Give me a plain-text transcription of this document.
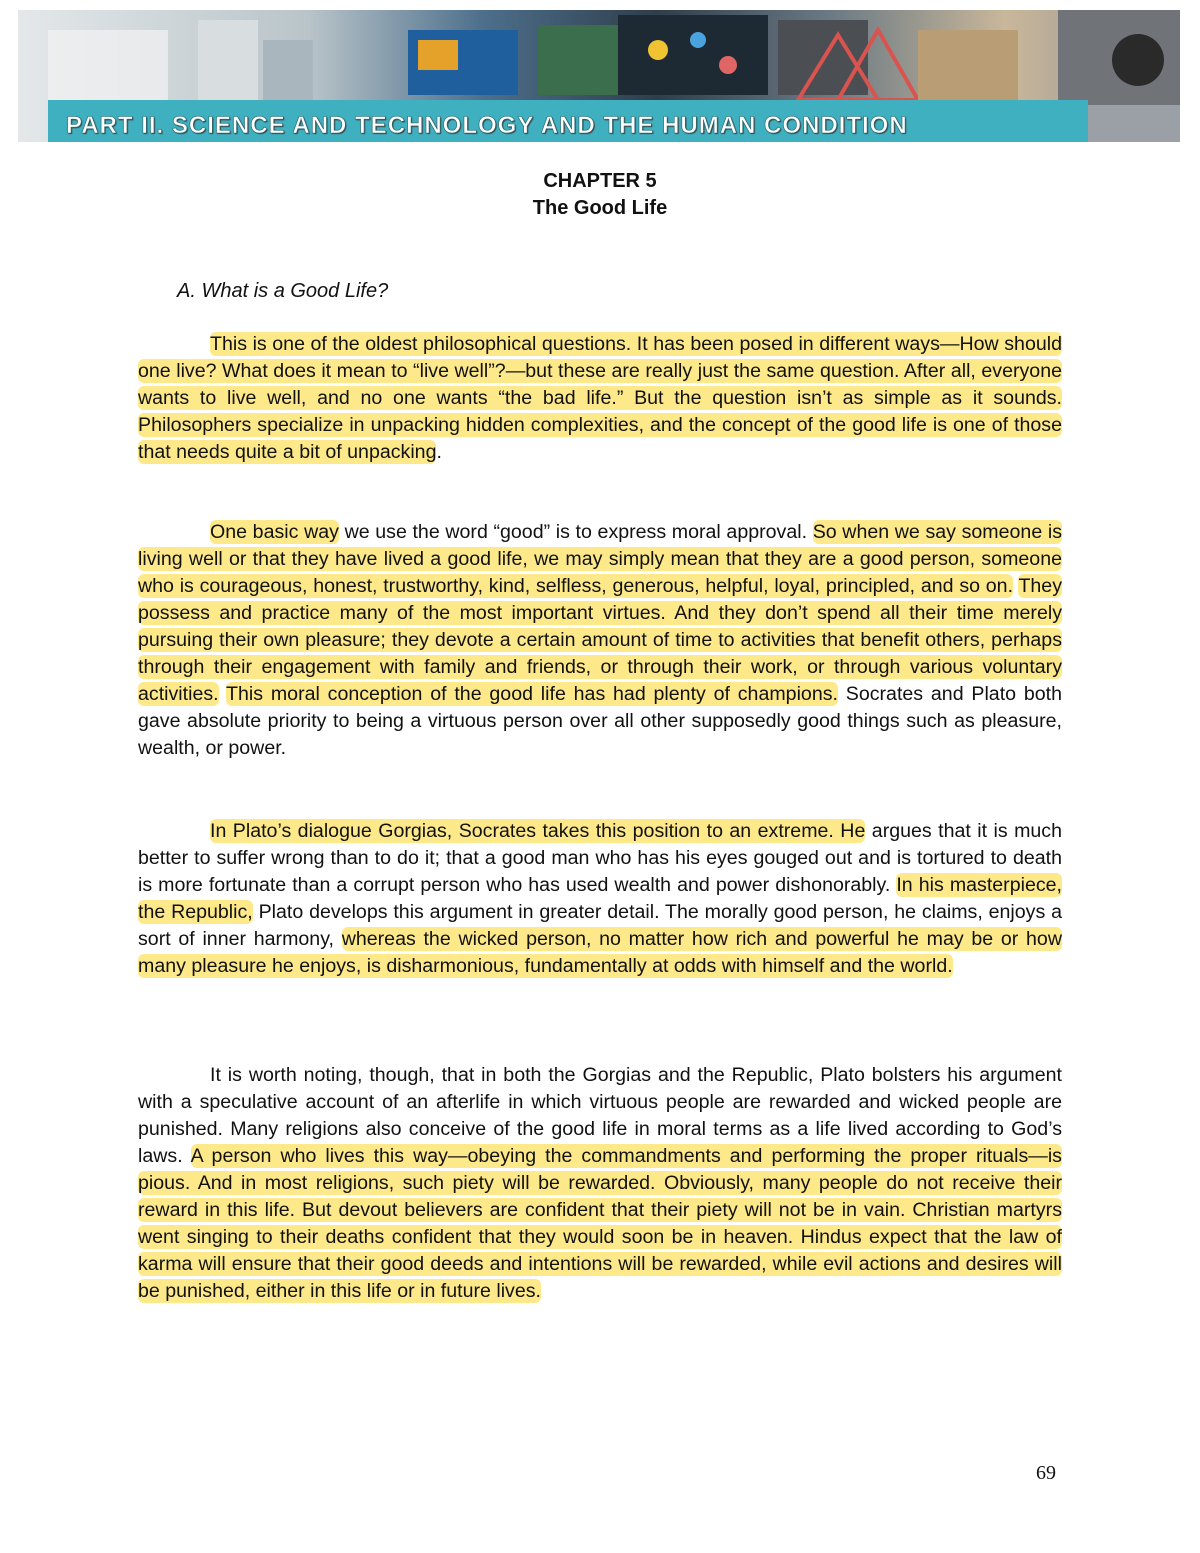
PART II. SCIENCE AND TECHNOLOGY AND THE HUMAN CONDITION
CHAPTER 5
The Good Life
A. What is a Good Life?

This is one of the oldest philosophical questions. It has been posed in different ways—How should one live? What does it mean to “live well”?—but these are really just the same question. After all, everyone wants to live well, and no one wants “the bad life.” But the question isn’t as simple as it sounds. Philosophers specialize in unpacking hidden complexities, and the concept of the good life is one of those that needs quite a bit of unpacking.

One basic way we use the word “good” is to express moral approval. So when we say someone is living well or that they have lived a good life, we may simply mean that they are a good person, someone who is courageous, honest, trustworthy, kind, selfless, generous, helpful, loyal, principled, and so on. They possess and practice many of the most important virtues. And they don’t spend all their time merely pursuing their own pleasure; they devote a certain amount of time to activities that benefit others, perhaps through their engagement with family and friends, or through their work, or through various voluntary activities. This moral conception of the good life has had plenty of champions. Socrates and Plato both gave absolute priority to being a virtuous person over all other supposedly good things such as pleasure, wealth, or power.

In Plato’s dialogue Gorgias, Socrates takes this position to an extreme. He argues that it is much better to suffer wrong than to do it; that a good man who has his eyes gouged out and is tortured to death is more fortunate than a corrupt person who has used wealth and power dishonorably. In his masterpiece, the Republic, Plato develops this argument in greater detail. The morally good person, he claims, enjoys a sort of inner harmony, whereas the wicked person, no matter how rich and powerful he may be or how many pleasure he enjoys, is disharmonious, fundamentally at odds with himself and the world.

It is worth noting, though, that in both the Gorgias and the Republic, Plato bolsters his argument with a speculative account of an afterlife in which virtuous people are rewarded and wicked people are punished. Many religions also conceive of the good life in moral terms as a life lived according to God’s laws. A person who lives this way—obeying the commandments and performing the proper rituals—is pious. And in most religions, such piety will be rewarded. Obviously, many people do not receive their reward in this life. But devout believers are confident that their piety will not be in vain. Christian martyrs went singing to their deaths confident that they would soon be in heaven. Hindus expect that the law of karma will ensure that their good deeds and intentions will be rewarded, while evil actions and desires will be punished, either in this life or in future lives.

69
